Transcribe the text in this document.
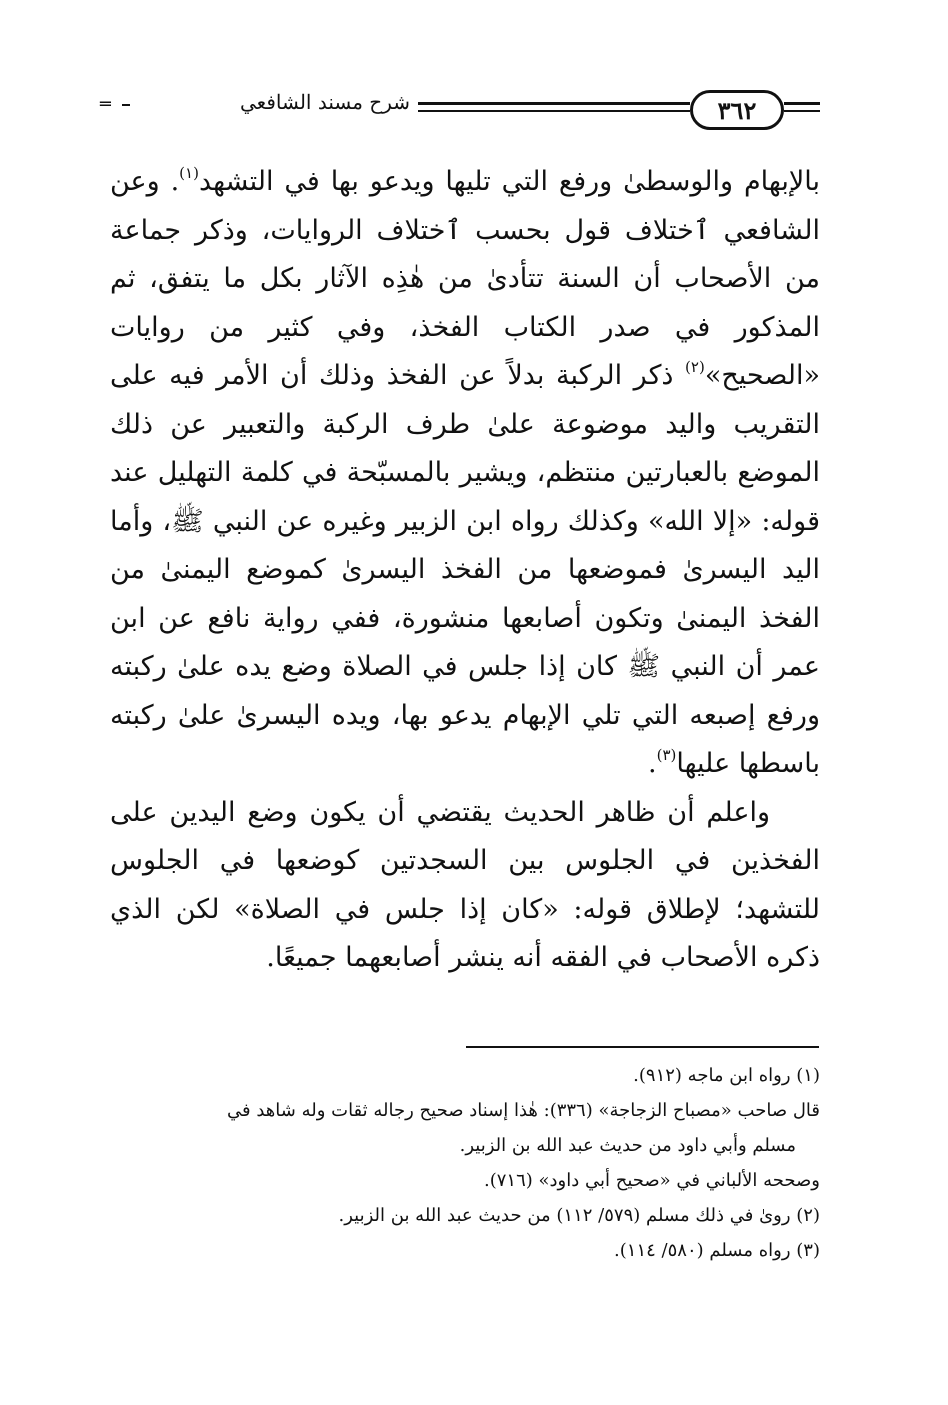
═	شرح مسند الشافعي	٣٦٢

بالإبهام والوسطىٰ ورفع التي تليها ويدعو بها في التشهد$^{(١)}$. وعن الشافعي ٱختلاف قول بحسب ٱختلاف الروايات، وذكر جماعة من الأصحاب أن السنة تتأدىٰ من هٰذِه الآثار بكل ما يتفق، ثم المذكور في صدر الكتاب الفخذ، وفي كثير من روايات «الصحيح»$^{(٢)}$ ذكر الركبة بدلاً عن الفخذ وذلك أن الأمر فيه على التقريب واليد موضوعة علىٰ طرف الركبة والتعبير عن ذلك الموضع بالعبارتين منتظم، ويشير بالمسبّحة في كلمة التهليل عند قوله: «إلا الله» وكذلك رواه ابن الزبير وغيره عن النبي ﷺ، وأما اليد اليسرىٰ فموضعها من الفخذ اليسرىٰ كموضع اليمنىٰ من الفخذ اليمنىٰ وتكون أصابعها منشورة، ففي رواية نافع عن ابن عمر أن النبي ﷺ كان إذا جلس في الصلاة وضع يده علىٰ ركبته ورفع إصبعه التي تلي الإبهام يدعو بها، ويده اليسرىٰ علىٰ ركبته باسطها عليها$^{(٣)}$.

واعلم أن ظاهر الحديث يقتضي أن يكون وضع اليدين على الفخذين في الجلوس بين السجدتين كوضعها في الجلوس للتشهد؛ لإطلاق قوله: «كان إذا جلس في الصلاة» لكن الذي ذكره الأصحاب في الفقه أنه ينشر أصابعهما جميعًا.

(١) رواه ابن ماجه (٩١٢).

قال صاحب «مصباح الزجاجة» (٣٣٦): هٰذا إسناد صحيح رجاله ثقات وله شاهد في

مسلم وأبي داود من حديث عبد الله بن الزبير.

وصححه الألباني في «صحيح أبي داود» (٧١٦).

(٢) روىٰ في ذلك مسلم (٥٧٩/ ١١٢) من حديث عبد الله بن الزبير.

(٣) رواه مسلم (٥٨٠/ ١١٤).
